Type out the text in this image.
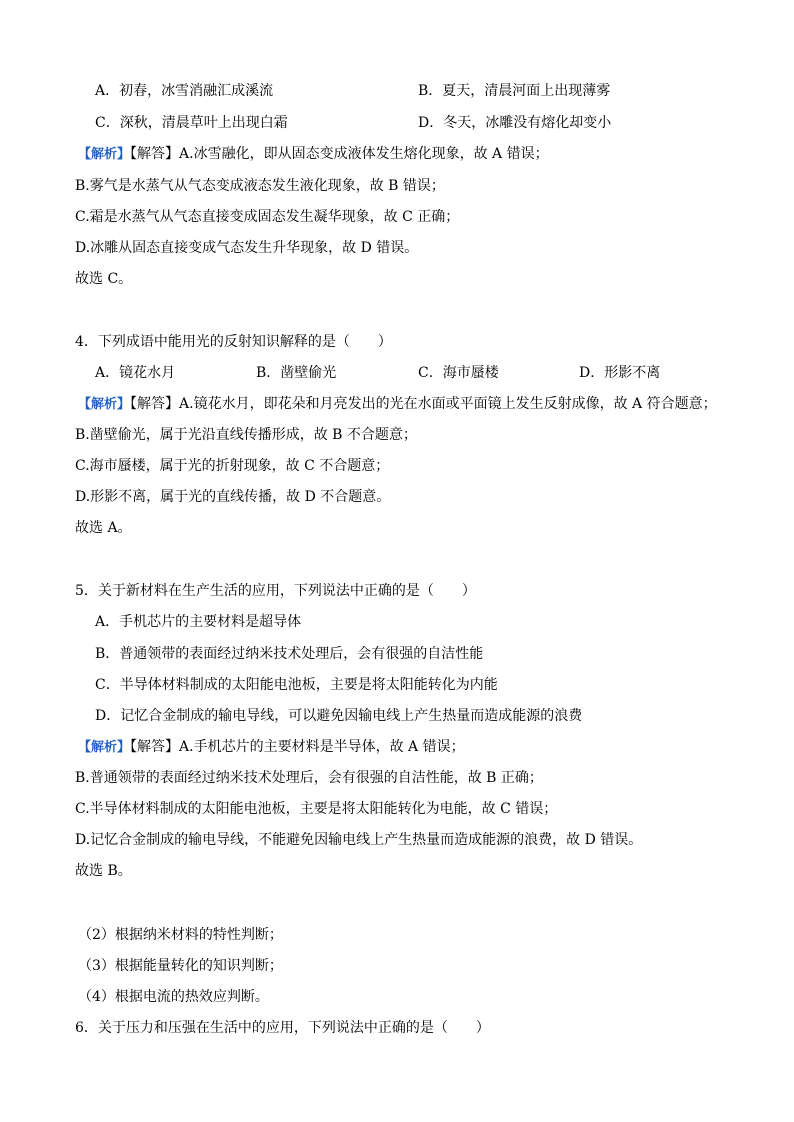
A．初春，冰雪消融汇成溪流	B．夏天，清晨河面上出现薄雾
C．深秋，清晨草叶上出现白霜	D．冬天，冰雕没有熔化却变小
【解析】【解答】A.冰雪融化，即从固态变成液体发生熔化现象，故 A 错误；
B.雾气是水蒸气从气态变成液态发生液化现象，故 B 错误；
C.霜是水蒸气从气态直接变成固态发生凝华现象，故 C 正确；
D.冰雕从固态直接变成气态发生升华现象，故 D 错误。
故选 C。
4．下列成语中能用光的反射知识解释的是（　　）
A．镜花水月	B．凿壁偷光	C．海市蜃楼	D．形影不离
【解析】【解答】A.镜花水月，即花朵和月亮发出的光在水面或平面镜上发生反射成像，故 A 符合题意；
B.凿壁偷光，属于光沿直线传播形成，故 B 不合题意；
C.海市蜃楼，属于光的折射现象，故 C 不合题意；
D.形影不离，属于光的直线传播，故 D 不合题意。
故选 A。
5．关于新材料在生产生活的应用，下列说法中正确的是（　　）
A．手机芯片的主要材料是超导体
B．普通领带的表面经过纳米技术处理后，会有很强的自洁性能
C．半导体材料制成的太阳能电池板，主要是将太阳能转化为内能
D．记忆合金制成的输电导线，可以避免因输电线上产生热量而造成能源的浪费
【解析】【解答】A.手机芯片的主要材料是半导体，故 A 错误；
B.普通领带的表面经过纳米技术处理后，会有很强的自洁性能，故 B 正确；
C.半导体材料制成的太阳能电池板，主要是将太阳能转化为电能，故 C 错误；
D.记忆合金制成的输电导线，不能避免因输电线上产生热量而造成能源的浪费，故 D 错误。
故选 B。
（2）根据纳米材料的特性判断；
（3）根据能量转化的知识判断；
（4）根据电流的热效应判断。
6．关于压力和压强在生活中的应用，下列说法中正确的是（　　）
